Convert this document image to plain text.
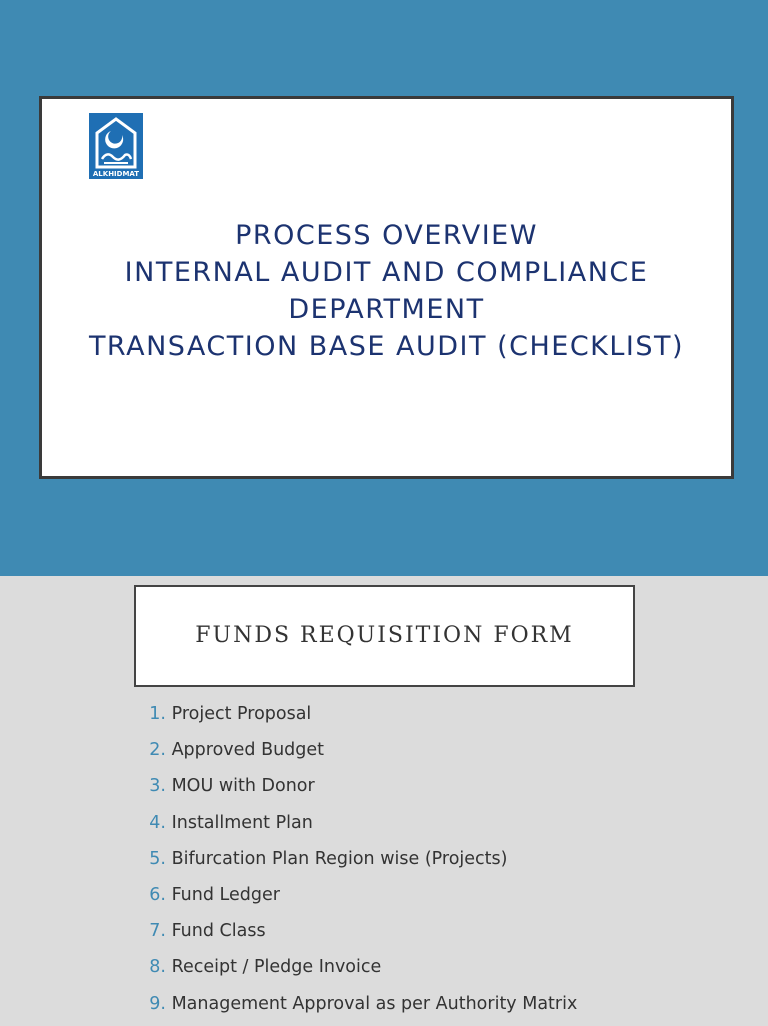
ALKHIDMAT
PROCESS OVERVIEW
INTERNAL AUDIT AND COMPLIANCE
DEPARTMENT
TRANSACTION BASE AUDIT (CHECKLIST)
FUNDS REQUISITION FORM
1. Project Proposal
2. Approved Budget
3. MOU with Donor
4. Installment Plan
5. Bifurcation Plan Region wise (Projects)
6. Fund Ledger
7. Fund Class
8. Receipt / Pledge Invoice
9. Management Approval as per Authority Matrix
